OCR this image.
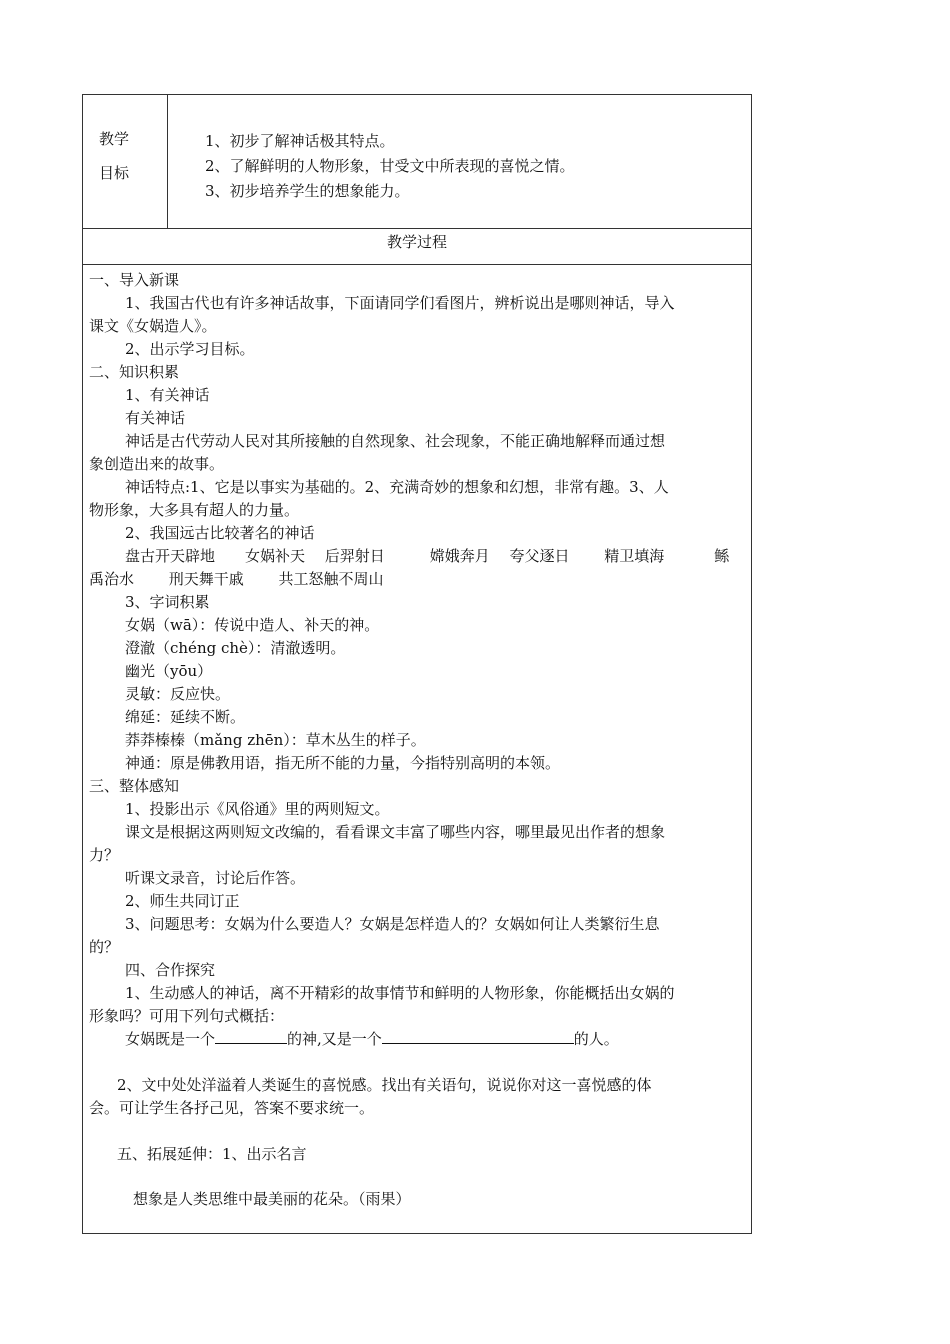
教学
目标
1、初步了解神话极其特点。
2、了解鲜明的人物形象，甘受文中所表现的喜悦之情。
3、初步培养学生的想象能力。
教学过程
一、导入新课
1、我国古代也有许多神话故事，下面请同学们看图片，辨析说出是哪则神话，导入
课文《女娲造人》。
2、出示学习目标。
二、知识积累
1、有关神话
有关神话
神话是古代劳动人民对其所接触的自然现象、社会现象，不能正确地解释而通过想
象创造出来的故事。
神话特点:1、它是以事实为基础的。2、充满奇妙的想象和幻想，非常有趣。3、人
物形象，大多具有超人的力量。
2、我国远古比较著名的神话
盘古开天辟地　　女娲补天　 后羿射日　　　嫦娥奔月　 夸父逐日　　 精卫填海　　　 鲧
禹治水　　 刑天舞干戚　　 共工怒触不周山
3、字词积累
女娲（wā）：传说中造人、补天的神。
澄澈（chéng chè）：清澈透明。
幽光（yōu）
灵敏：反应快。
绵延：延续不断。
莽莽榛榛（mǎng zhēn）：草木丛生的样子。
神通：原是佛教用语，指无所不能的力量，今指特别高明的本领。
三、整体感知
1、投影出示《风俗通》里的两则短文。
课文是根据这两则短文改编的，看看课文丰富了哪些内容，哪里最见出作者的想象
力？
听课文录音，讨论后作答。
2、师生共同订正
3、问题思考：女娲为什么要造人？女娲是怎样造人的？女娲如何让人类繁衍生息
的？
四、合作探究
1、生动感人的神话，离不开精彩的故事情节和鲜明的人物形象，你能概括出女娲的
形象吗？可用下列句式概括：
女娲既是一个	的神,又是一个	的人。
2、文中处处洋溢着人类诞生的喜悦感。找出有关语句，说说你对这一喜悦感的体
会。可让学生各抒己见，答案不要求统一。
五、拓展延伸：1、出示名言
想象是人类思维中最美丽的花朵。（雨果）
